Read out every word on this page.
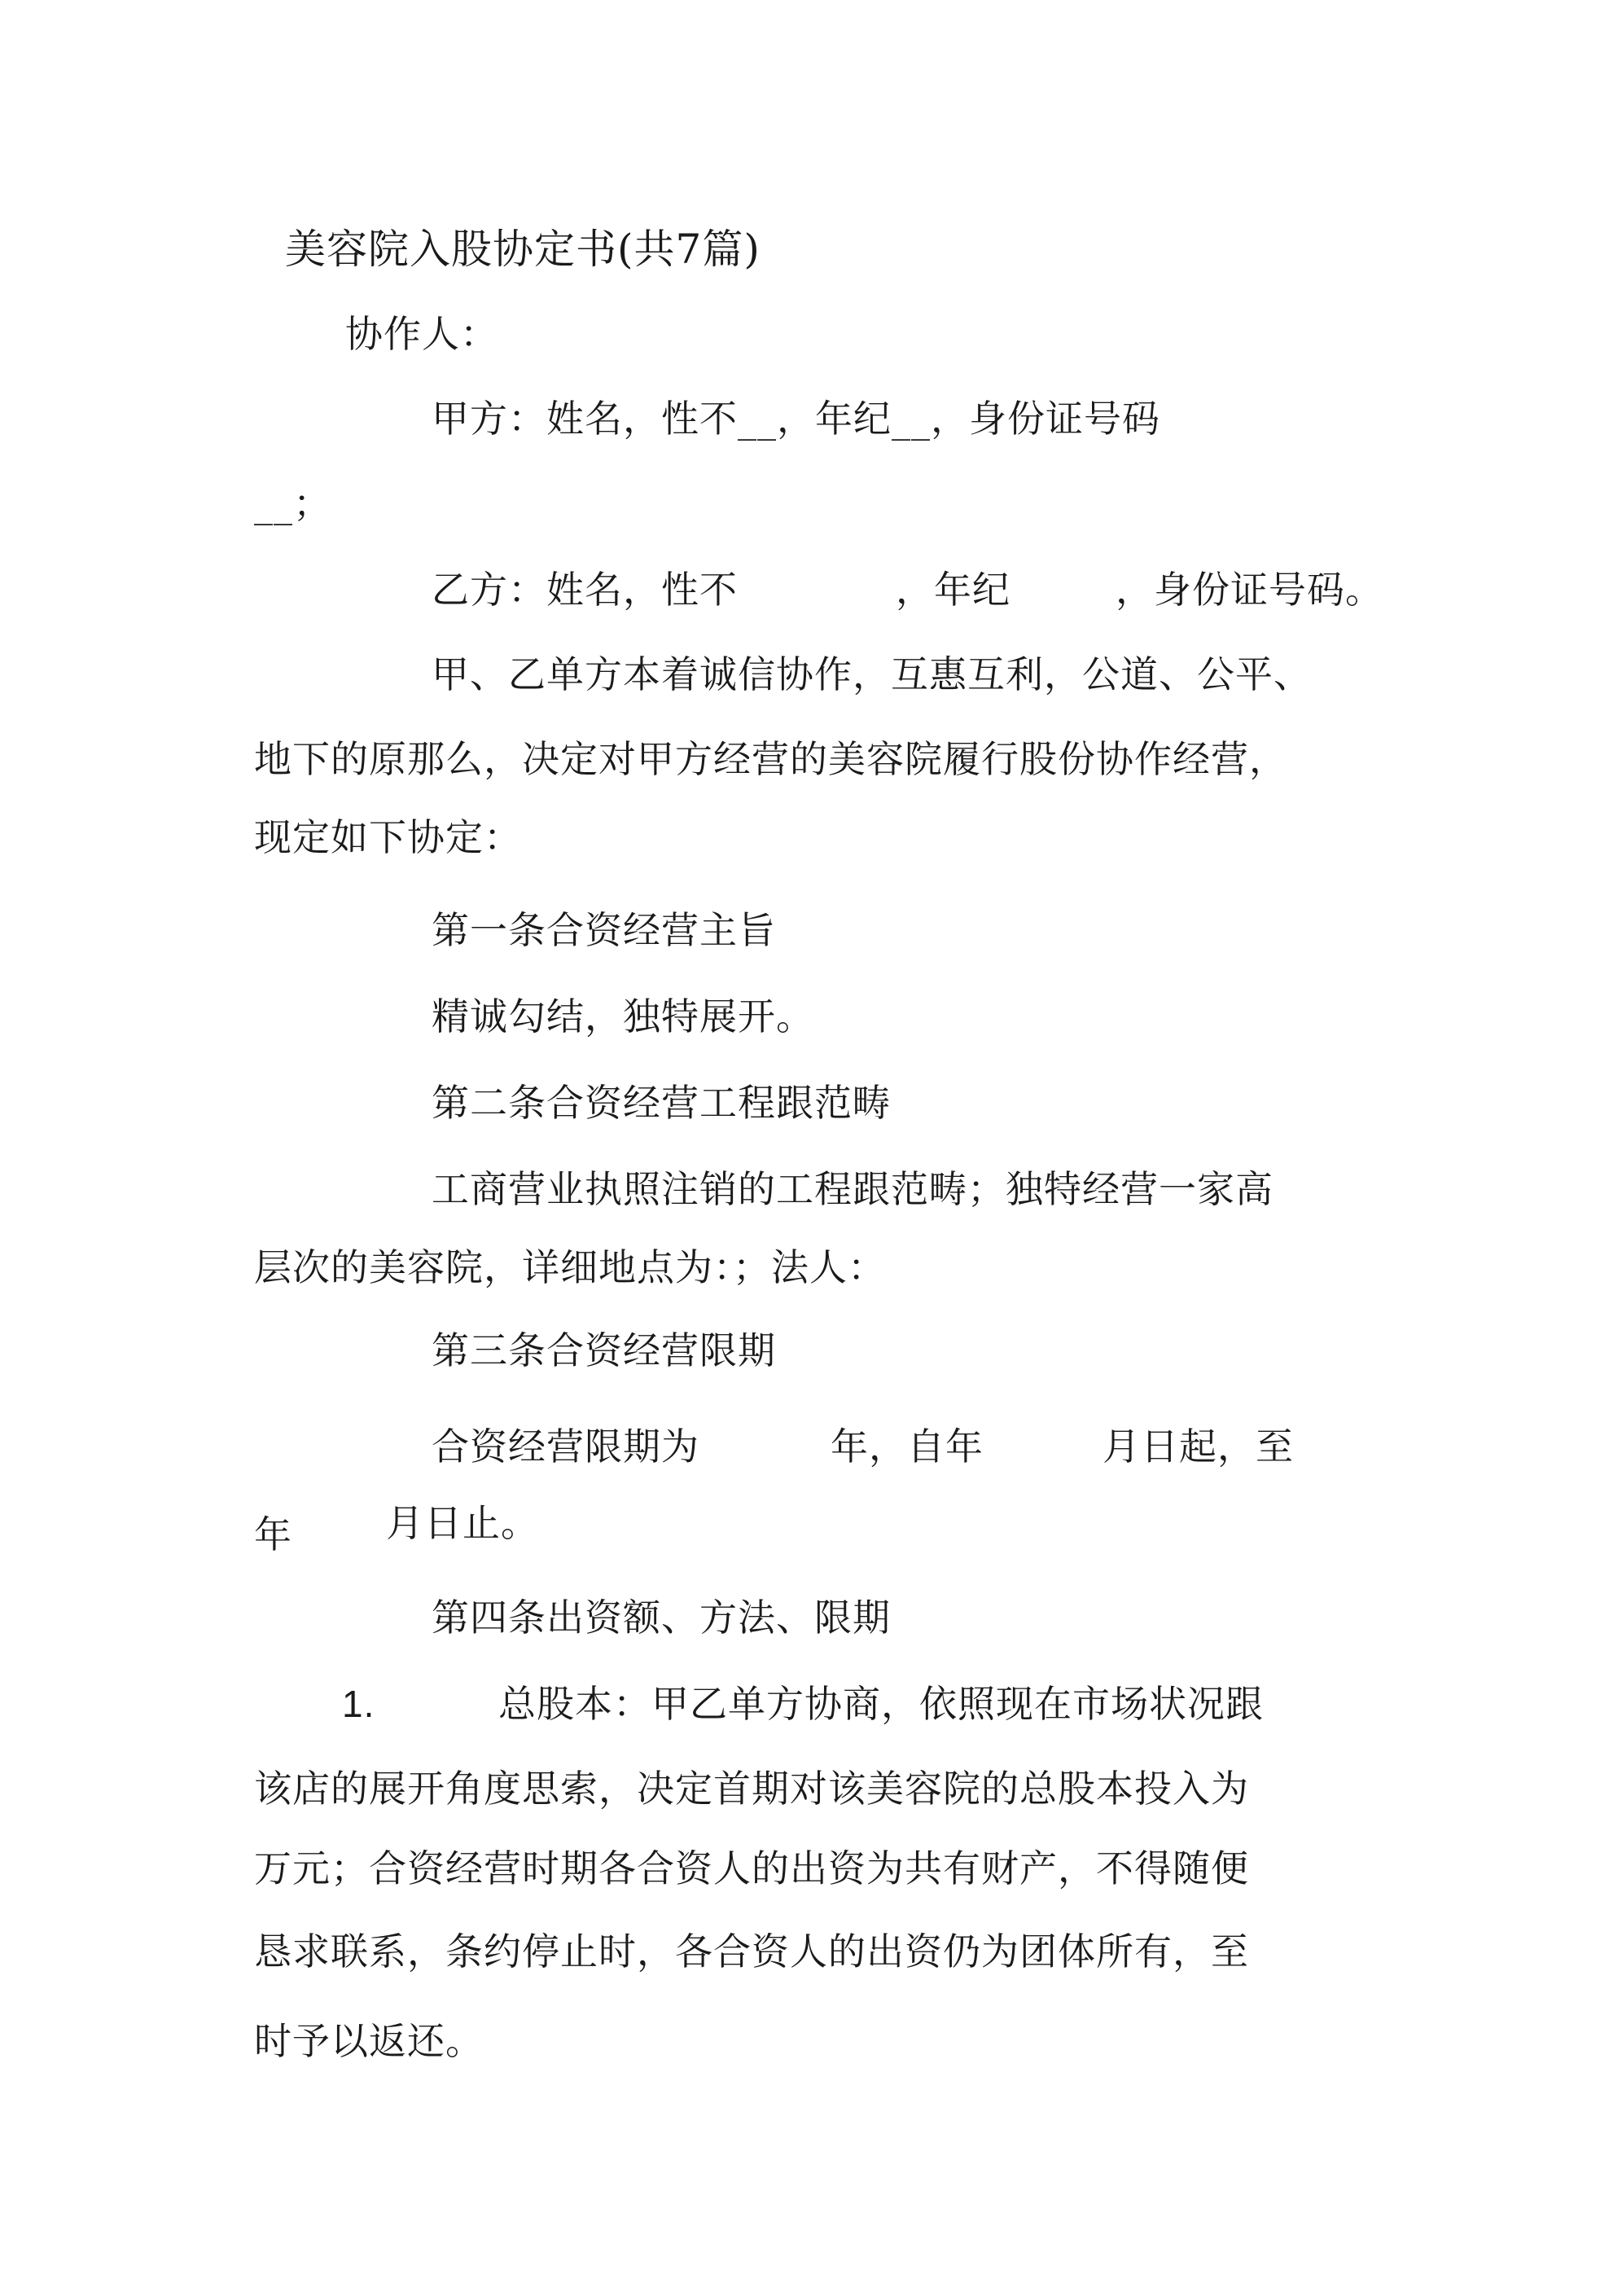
美容院入股协定书(共7篇)
协作人：
甲方：姓名，性不__，年纪__，身份证号码
__；
乙方：姓名，性不	，年纪	，身份证号码。
甲、乙单方本着诚信协作，互惠互利，公道、公平、
地下的原那么，决定对甲方经营的美容院履行股份协作经营，
现定如下协定：
第一条合资经营主旨
精诚勾结，独特展开。
第二条合资经营工程跟范畴
工商营业执照注销的工程跟范畴；独特经营一家高
层次的美容院，详细地点为：；法人：
第三条合资经营限期
合资经营限期为	年，自年	月日起，至
年	月日止。
第四条出资额、方法、限期
1.	总股本：甲乙单方协商，依照现在市场状况跟
该店的展开角度思索，决定首期对该美容院的总股本投入为
万元；合资经营时期各合资人的出资为共有财产，不得随便
恳求联系，条约停止时，各合资人的出资仍为团体所有，至
时予以返还。
